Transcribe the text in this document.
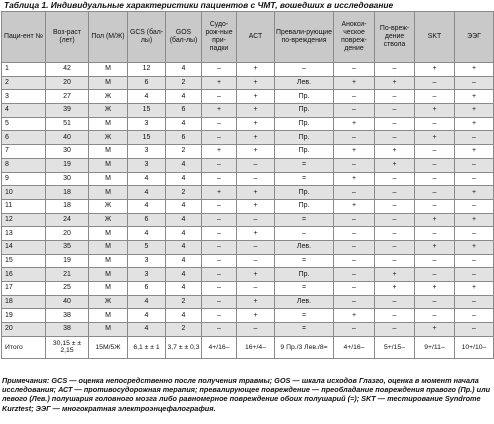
Таблица 1. Индивидуальные характеристики пациентов с ЧМТ, вошедших в исследование
Паци-ент №	Воз-раст (лет)	Пол (М/Ж)	GCS (бал-лы)	GOS (бал-лы)	Судо-рож-ные при-падки	АСТ	Превали-рующие по-вреждения	Анокси-ческое повреж-дение	По-вреж-дение ствола	SKT	ЭЭГ
1	42	М	12	4	–	+	–	–	–	+	+
2	20	М	6	2	+	+	Лев.	+	+	–	–
3	27	Ж	4	4	–	+	Пр.	–	–	–	+
4	39	Ж	15	6	+	+	Пр.	–	–	+	+
5	51	М	3	4	–	+	Пр.	+	–	–	+
6	40	Ж	15	6	–	+	Пр.	–	–	+	–
7	30	М	3	2	+	+	Пр.	+	+	–	+
8	19	М	3	4	–	–	=	–	+	–	–
9	30	М	4	4	–	–	=	+	–	–	–
10	18	М	4	2	+	+	Пр.	–	–	–	+
11	18	Ж	4	4	–	+	Пр.	+	–	–	–
12	24	Ж	6	4	–	–	=	–	–	+	+
13	20	М	4	4	–	+	–	–	–	–	–
14	35	М	5	4	–	–	Лев.	–	–	+	+
15	19	М	3	4	–	–	=	–	–	–	–
16	21	М	3	4	–	+	Пр.	–	+	–	–
17	25	М	6	4	–	–	=	–	+	+	+
18	40	Ж	4	2	–	+	Лев.	–	–	–	–
19	38	М	4	4	–	+	=	+	–	–	–
20	38	М	4	2	–	–	=	–	–	+	–
Итого	30,15 ± ± 2,15	15М/5Ж	6,1 ± ± 1	3,7 ± ± 0,3	4+/16–	16+/4–	9 Пр./3 Лев./8=	4+/16–	5+/15–	9+/11–	10+/10–
Примечания: GCS — оценка непосредственно после получения травмы; GOS — шкала исходов Глазго, оценка в момент начала исследования; АСТ — противосудорожная терапия; превалирующее повреждение — преобладание повреждения правого (Пр.) или левого (Лев.) полушария головного мозга либо равномерное повреждение обоих полушарий (=); SKT — тестирование Syndrome Kurztest; ЭЭГ — многократная электроэнцефалография.
